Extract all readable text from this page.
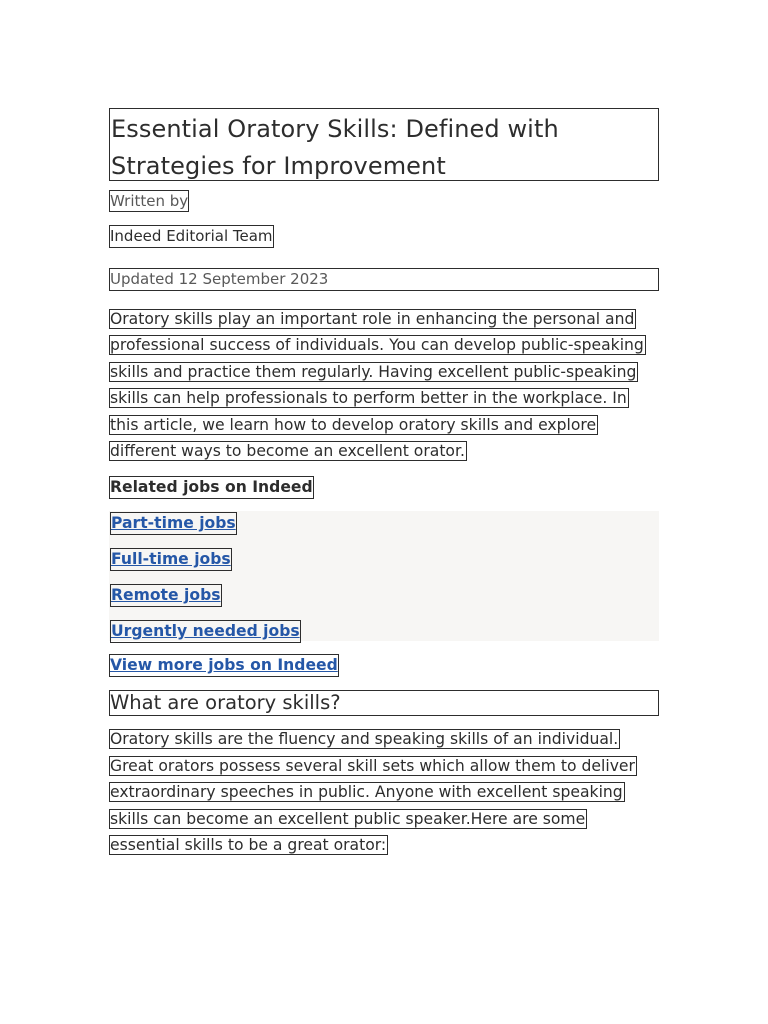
Essential Oratory Skills: Defined with Strategies for Improvement
Written by
Indeed Editorial Team
Updated 12 September 2023

Oratory skills play an important role in enhancing the personal and professional success of individuals. You can develop public-speaking skills and practice them regularly. Having excellent public-speaking skills can help professionals to perform better in the workplace. In this article, we learn how to develop oratory skills and explore different ways to become an excellent orator.

Related jobs on Indeed
Part-time jobs
Full-time jobs
Remote jobs
Urgently needed jobs
View more jobs on Indeed
What are oratory skills?

Oratory skills are the fluency and speaking skills of an individual. Great orators possess several skill sets which allow them to deliver extraordinary speeches in public. Anyone with excellent speaking skills can become an excellent public speaker.Here are some essential skills to be a great orator:
